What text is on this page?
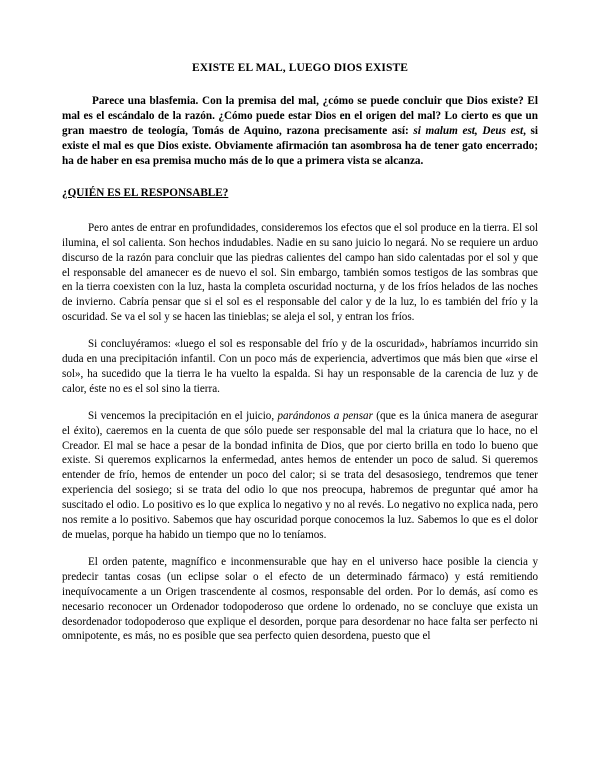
EXISTE EL MAL, LUEGO DIOS EXISTE

Parece una blasfemia. Con la premisa del mal, ¿cómo se puede concluir que Dios existe? El mal es el escándalo de la razón. ¿Cómo puede estar Dios en el origen del mal? Lo cierto es que un gran maestro de teología, Tomás de Aquino, razona precisamente así: si malum est, Deus est, si existe el mal es que Dios existe. Obviamente afirmación tan asombrosa ha de tener gato encerrado; ha de haber en esa premisa mucho más de lo que a primera vista se alcanza.

¿QUIÉN ES EL RESPONSABLE?

Pero antes de entrar en profundidades, consideremos los efectos que el sol produce en la tierra. El sol ilumina, el sol calienta. Son hechos indudables. Nadie en su sano juicio lo negará. No se requiere un arduo discurso de la razón para concluir que las piedras calientes del campo han sido calentadas por el sol y que el responsable del amanecer es de nuevo el sol. Sin embargo, también somos testigos de las sombras que en la tierra coexisten con la luz, hasta la completa oscuridad nocturna, y de los fríos helados de las noches de invierno. Cabría pensar que si el sol es el responsable del calor y de la luz, lo es también del frío y la oscuridad. Se va el sol y se hacen las tinieblas; se aleja el sol, y entran los fríos.

Si concluyéramos: «luego el sol es responsable del frío y de la oscuridad», habríamos incurrido sin duda en una precipitación infantil. Con un poco más de experiencia, advertimos que más bien que «irse el sol», ha sucedido que la tierra le ha vuelto la espalda. Si hay un responsable de la carencia de luz y de calor, éste no es el sol sino la tierra.

Si vencemos la precipitación en el juicio, parándonos a pensar (que es la única manera de asegurar el éxito), caeremos en la cuenta de que sólo puede ser responsable del mal la criatura que lo hace, no el Creador. El mal se hace a pesar de la bondad infinita de Dios, que por cierto brilla en todo lo bueno que existe. Si queremos explicarnos la enfermedad, antes hemos de entender un poco de salud. Si queremos entender de frío, hemos de entender un poco del calor; si se trata del desasosiego, tendremos que tener experiencia del sosiego; si se trata del odio lo que nos preocupa, habremos de preguntar qué amor ha suscitado el odio. Lo positivo es lo que explica lo negativo y no al revés. Lo negativo no explica nada, pero nos remite a lo positivo. Sabemos que hay oscuridad porque conocemos la luz. Sabemos lo que es el dolor de muelas, porque ha habido un tiempo que no lo teníamos.

El orden patente, magnífico e inconmensurable que hay en el universo hace posible la ciencia y predecir tantas cosas (un eclipse solar o el efecto de un determinado fármaco) y está remitiendo inequívocamente a un Origen trascendente al cosmos, responsable del orden. Por lo demás, así como es necesario reconocer un Ordenador todopoderoso que ordene lo ordenado, no se concluye que exista un desordenador todopoderoso que explique el desorden, porque para desordenar no hace falta ser perfecto ni omnipotente, es más, no es posible que sea perfecto quien desordena, puesto que el
